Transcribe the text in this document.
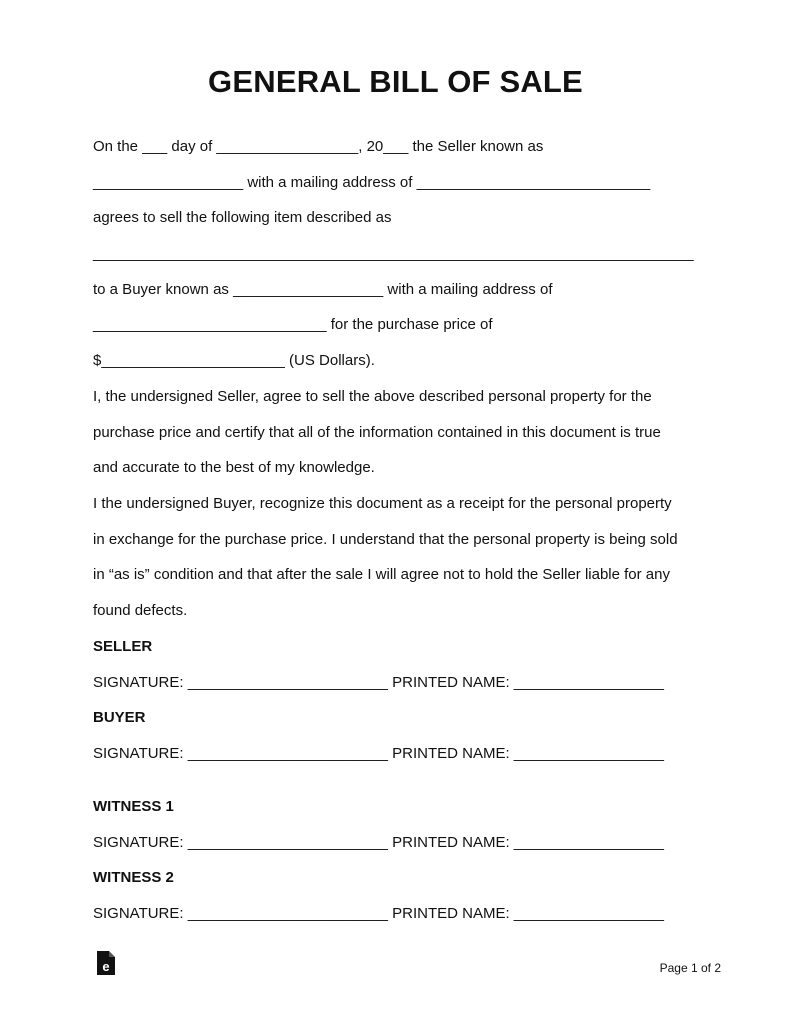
GENERAL BILL OF SALE
On the ___ day of _________________, 20___ the Seller known as
__________________ with a mailing address of ____________________________
agrees to sell the following item described as
________________________________________________________________________
to a Buyer known as __________________ with a mailing address of
____________________________ for the purchase price of
$______________________ (US Dollars).
I, the undersigned Seller, agree to sell the above described personal property for the
purchase price and certify that all of the information contained in this document is true
and accurate to the best of my knowledge.
I the undersigned Buyer, recognize this document as a receipt for the personal property
in exchange for the purchase price. I understand that the personal property is being sold
in “as is” condition and that after the sale I will agree not to hold the Seller liable for any
found defects.
SELLER
SIGNATURE: ________________________ PRINTED NAME: __________________
BUYER
SIGNATURE: ________________________ PRINTED NAME: __________________
WITNESS 1
SIGNATURE: ________________________ PRINTED NAME: __________________
WITNESS 2
SIGNATURE: ________________________ PRINTED NAME: __________________
e	Page 1 of 2
